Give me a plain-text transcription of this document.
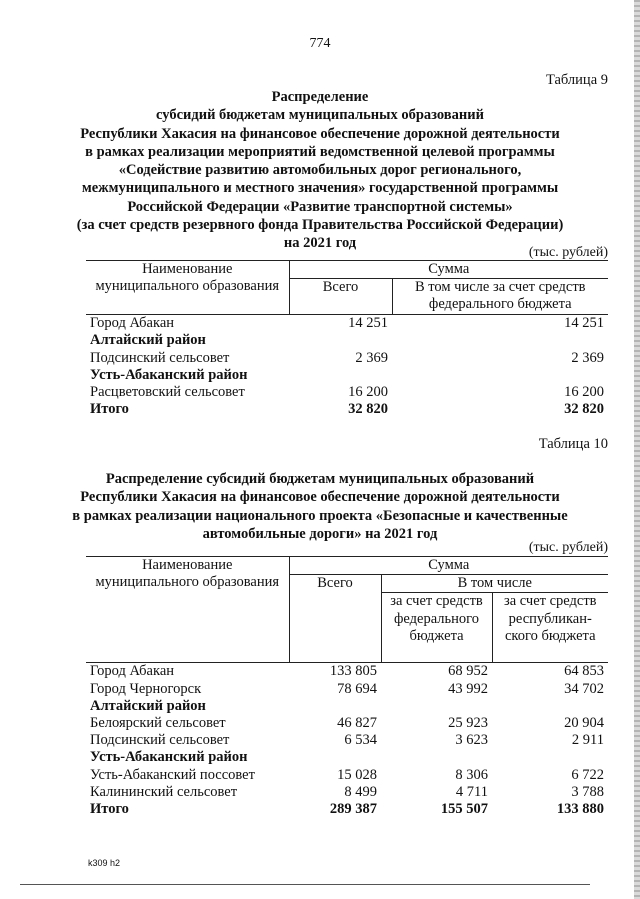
774
Таблица 9
Распределение
субсидий бюджетам муниципальных образований
Республики Хакасия на финансовое обеспечение дорожной деятельности
в рамках реализации мероприятий ведомственной целевой программы
«Содействие развитию автомобильных дорог регионального,
межмуниципального и местного значения» государственной программы
Российской Федерации «Развитие транспортной системы»
(за счет средств резервного фонда Правительства Российской Федерации)
на 2021 год
(тыс. рублей)
Наименование муниципального образования	Сумма	
	Всего	В том числе за счет средств федерального бюджета
Город Абакан	14 251	14 251
Алтайский район		
Подсинский сельсовет	2 369	2 369
Усть-Абаканский район		
Расцветовский сельсовет	16 200	16 200
Итого	32 820	32 820
Таблица 10
Распределение субсидий бюджетам муниципальных образований
Республики Хакасия на финансовое обеспечение дорожной деятельности
в рамках реализации национального проекта «Безопасные и качественные
автомобильные дороги» на 2021 год
(тыс. рублей)
Наименование муниципального образования	Сумма		
	Всего	В том числе	
		за счет средств федерального бюджета	за счет средств республикан-ского бюджета
Город Абакан	133 805	68 952	64 853
Город Черногорск	78 694	43 992	34 702
Алтайский район			
Белоярский сельсовет	46 827	25 923	20 904
Подсинский сельсовет	6 534	3 623	2 911
Усть-Абаканский район			
Усть-Абаканский поссовет	15 028	8 306	6 722
Калининский сельсовет	8 499	4 711	3 788
Итого	289 387	155 507	133 880
k309 h2
